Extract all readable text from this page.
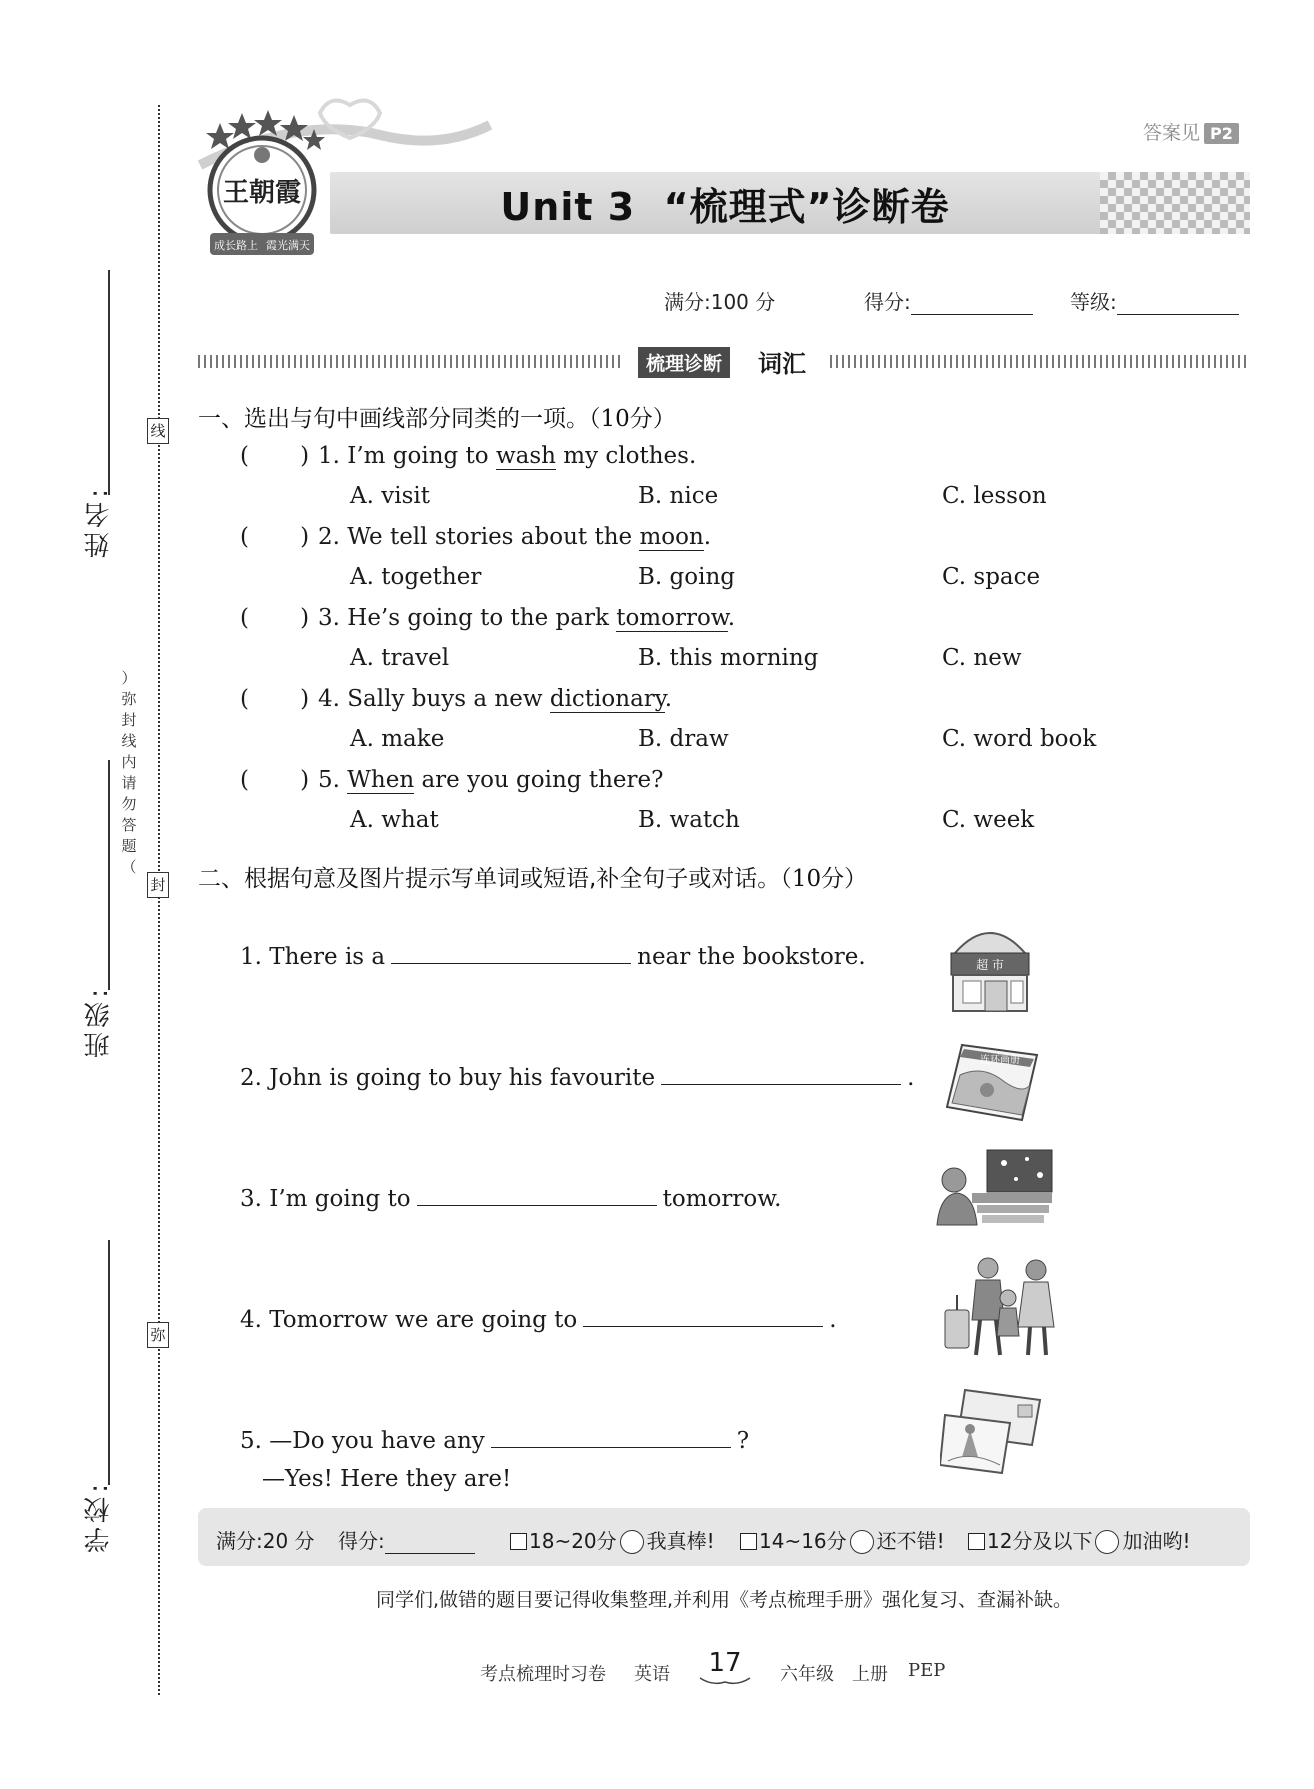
姓名:
班级:
学校:
线
封
弥
）
弥
封
线
内
请
勿
答
题
（
答案见 P2
Unit 3  “梳理式”诊断卷
王朝霞
成长路上 霞光满天
满分:100 分	得分:	等级:
梳理诊断	词汇
一、选出与句中画线部分同类的一项。（10分）
(       ) 1. I’m going to wash my clothes.
A. visit	B. nice	C. lesson
(       ) 2. We tell stories about the moon.
A. together	B. going	C. space
(       ) 3. He’s going to the park tomorrow.
A. travel	B. this morning	C. new
(       ) 4. Sally buys a new dictionary.
A. make	B. draw	C. word book
(       ) 5. When are you going there?
A. what	B. watch	C. week
二、根据句意及图片提示写单词或短语,补全句子或对话。（10分）
1. There is a	near the bookstore.
2. John is going to buy his favourite	.
3. I’m going to	tomorrow.
4. Tomorrow we are going to	.
5. —Do you have any	?
—Yes! Here they are!
超 市
连环画册
满分:20 分 得分:	18~20分 我真棒!	14~16分 还不错!	12分及以下 加油哟!
同学们,做错的题目要记得收集整理,并利用《考点梳理手册》强化复习、查漏补缺。
考点梳理时习卷 英语	17	六年级 上册 PEP
